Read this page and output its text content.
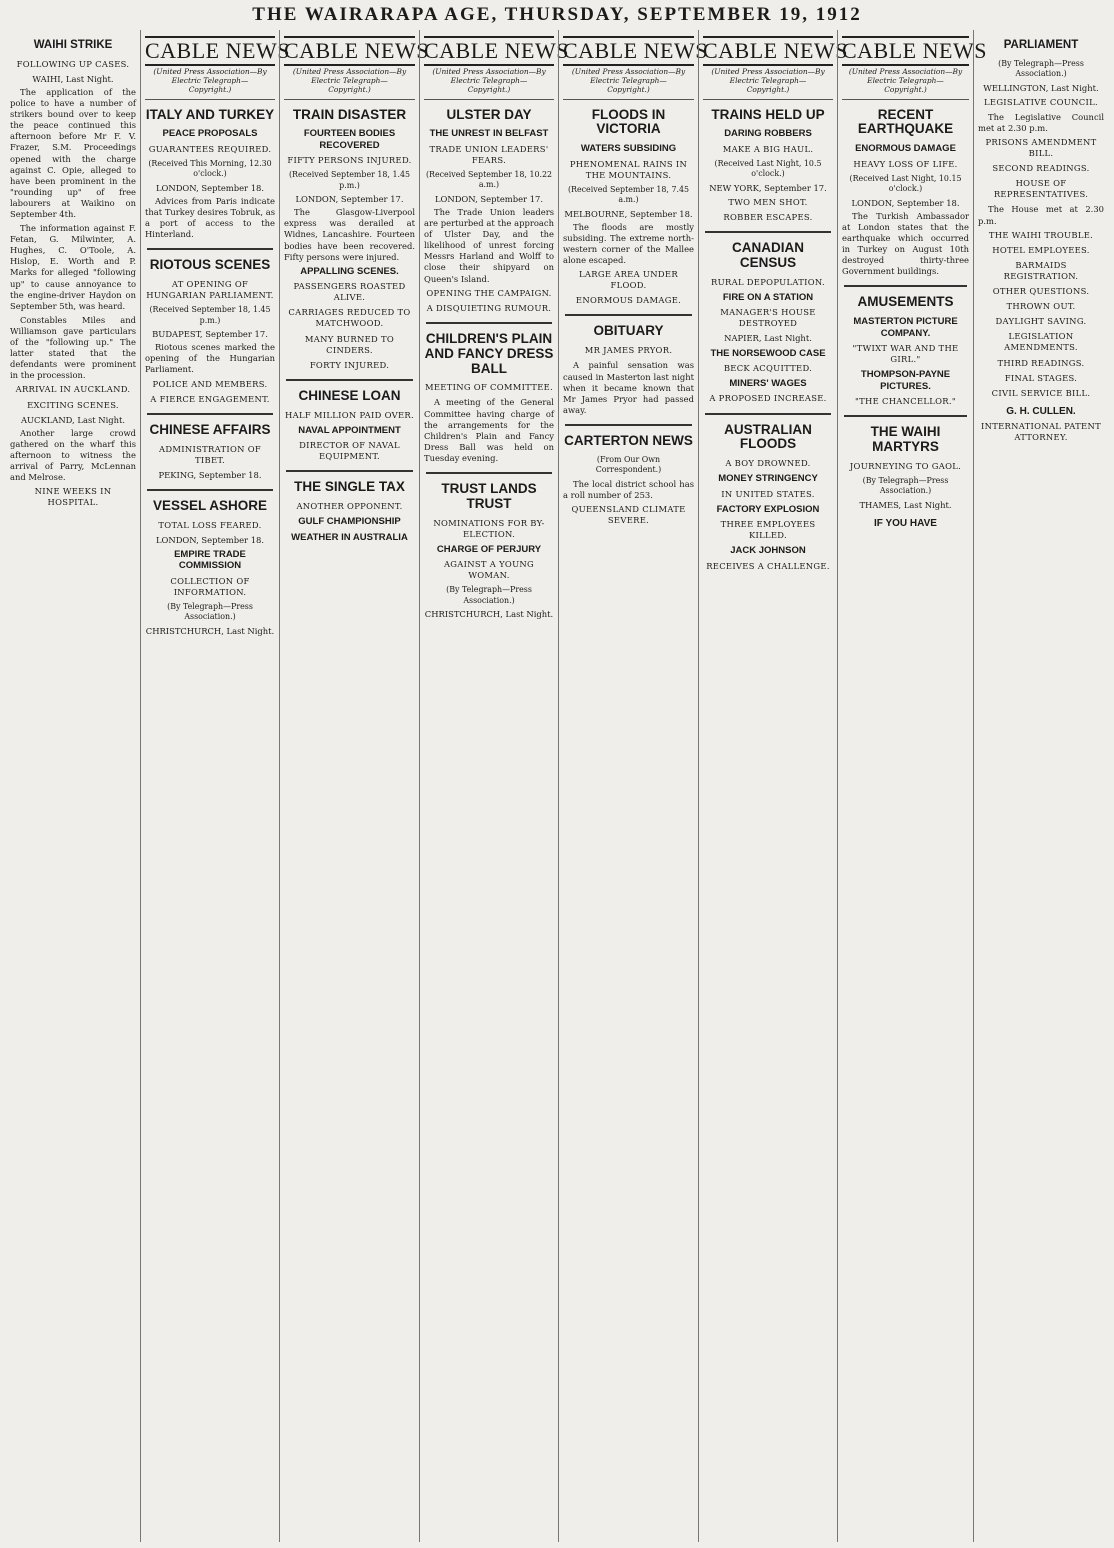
THE WAIRARAPA AGE, THURSDAY, SEPTEMBER 19, 1912
WAIHI STRIKE
FOLLOWING UP CASES.
WAIHI, Last Night.

The application of the police to have a number of strikers bound over to keep the peace continued this afternoon before Mr F. V. Frazer, S.M. Proceedings opened with the charge against C. Opie, alleged to have been prominent in the "rounding up" of free labourers at Waikino on September 4th.

The information against F. Fetan, G. Milwinter, A. Hughes, C. O'Toole, A. Hislop, E. Worth and P. Marks for alleged "following up" to cause annoyance to the engine-driver Haydon on September 5th, was heard.

Constables Miles and Williamson gave particulars of the "following up." The latter stated that the defendants were prominent in the procession.

ARRIVAL IN AUCKLAND.
EXCITING SCENES.
AUCKLAND, Last Night.

Another large crowd gathered on the wharf this afternoon to witness the arrival of Parry, McLennan and Melrose.

NINE WEEKS IN HOSPITAL.
CABLE NEWS
(United Press Association—By Electric Telegraph—Copyright.)
ITALY AND TURKEY
PEACE PROPOSALS
GUARANTEES REQUIRED.
(Received This Morning, 12.30 o'clock.)
LONDON, September 18.

Advices from Paris indicate that Turkey desires Tobruk, as a port of access to the Hinterland.

RIOTOUS SCENES
AT OPENING OF HUNGARIAN PARLIAMENT.
(Received September 18, 1.45 p.m.)
BUDAPEST, September 17.

Riotous scenes marked the opening of the Hungarian Parliament.

POLICE AND MEMBERS.
A FIERCE ENGAGEMENT.
CHINESE AFFAIRS
ADMINISTRATION OF TIBET.
PEKING, September 18.
VESSEL ASHORE
TOTAL LOSS FEARED.
LONDON, September 18.
EMPIRE TRADE COMMISSION
COLLECTION OF INFORMATION.
(By Telegraph—Press Association.)
CHRISTCHURCH, Last Night.
CABLE NEWS
(United Press Association—By Electric Telegraph—Copyright.)
TRAIN DISASTER
FOURTEEN BODIES RECOVERED
FIFTY PERSONS INJURED.
(Received September 18, 1.45 p.m.)
LONDON, September 17.

The Glasgow-Liverpool express was derailed at Widnes, Lancashire. Fourteen bodies have been recovered. Fifty persons were injured.

APPALLING SCENES.
PASSENGERS ROASTED ALIVE.
CARRIAGES REDUCED TO MATCHWOOD.
MANY BURNED TO CINDERS.
FORTY INJURED.
CHINESE LOAN
HALF MILLION PAID OVER.
NAVAL APPOINTMENT
DIRECTOR OF NAVAL EQUIPMENT.
THE SINGLE TAX
ANOTHER OPPONENT.
GULF CHAMPIONSHIP
WEATHER IN AUSTRALIA
CABLE NEWS
(United Press Association—By Electric Telegraph—Copyright.)
ULSTER DAY
THE UNREST IN BELFAST
TRADE UNION LEADERS' FEARS.
(Received September 18, 10.22 a.m.)
LONDON, September 17.

The Trade Union leaders are perturbed at the approach of Ulster Day, and the likelihood of unrest forcing Messrs Harland and Wolff to close their shipyard on Queen's Island.

OPENING THE CAMPAIGN.
A DISQUIETING RUMOUR.
CHILDREN'S PLAIN AND FANCY DRESS BALL
MEETING OF COMMITTEE.

A meeting of the General Committee having charge of the arrangements for the Children's Plain and Fancy Dress Ball was held on Tuesday evening.

TRUST LANDS TRUST
NOMINATIONS FOR BY-ELECTION.
CHARGE OF PERJURY
AGAINST A YOUNG WOMAN.
(By Telegraph—Press Association.)
CHRISTCHURCH, Last Night.
CABLE NEWS
(United Press Association—By Electric Telegraph—Copyright.)
FLOODS IN VICTORIA
WATERS SUBSIDING
PHENOMENAL RAINS IN THE MOUNTAINS.
(Received September 18, 7.45 a.m.)
MELBOURNE, September 18.

The floods are mostly subsiding. The extreme north-western corner of the Mallee alone escaped.

LARGE AREA UNDER FLOOD.
ENORMOUS DAMAGE.
OBITUARY
MR JAMES PRYOR.

A painful sensation was caused in Masterton last night when it became known that Mr James Pryor had passed away.

CARTERTON NEWS
(From Our Own Correspondent.)

The local district school has a roll number of 253.

QUEENSLAND CLIMATE SEVERE.
CABLE NEWS
(United Press Association—By Electric Telegraph—Copyright.)
TRAINS HELD UP
DARING ROBBERS
MAKE A BIG HAUL.
(Received Last Night, 10.5 o'clock.)
NEW YORK, September 17.
TWO MEN SHOT.
ROBBER ESCAPES.
CANADIAN CENSUS
RURAL DEPOPULATION.
FIRE ON A STATION
MANAGER'S HOUSE DESTROYED
NAPIER, Last Night.
THE NORSEWOOD CASE
BECK ACQUITTED.
MINERS' WAGES
A PROPOSED INCREASE.
AUSTRALIAN FLOODS
A BOY DROWNED.
MONEY STRINGENCY
IN UNITED STATES.
FACTORY EXPLOSION
THREE EMPLOYEES KILLED.
JACK JOHNSON
RECEIVES A CHALLENGE.
CABLE NEWS
(United Press Association—By Electric Telegraph—Copyright.)
RECENT EARTHQUAKE
ENORMOUS DAMAGE
HEAVY LOSS OF LIFE.
(Received Last Night, 10.15 o'clock.)
LONDON, September 18.

The Turkish Ambassador at London states that the earthquake which occurred in Turkey on August 10th destroyed thirty-three Government buildings.

AMUSEMENTS
MASTERTON PICTURE COMPANY.
"TWIXT WAR AND THE GIRL."
THOMPSON-PAYNE PICTURES.
"THE CHANCELLOR."
THE WAIHI MARTYRS
JOURNEYING TO GAOL.
(By Telegraph—Press Association.)
THAMES, Last Night.
IF YOU HAVE
PARLIAMENT
(By Telegraph—Press Association.)
WELLINGTON, Last Night.
LEGISLATIVE COUNCIL.

The Legislative Council met at 2.30 p.m.

PRISONS AMENDMENT BILL.
SECOND READINGS.
HOUSE OF REPRESENTATIVES.

The House met at 2.30 p.m.

THE WAIHI TROUBLE.
HOTEL EMPLOYEES.
BARMAIDS REGISTRATION.
OTHER QUESTIONS.
THROWN OUT.
DAYLIGHT SAVING.
LEGISLATION AMENDMENTS.
THIRD READINGS.
FINAL STAGES.
CIVIL SERVICE BILL.
G. H. CULLEN.
INTERNATIONAL PATENT ATTORNEY.
